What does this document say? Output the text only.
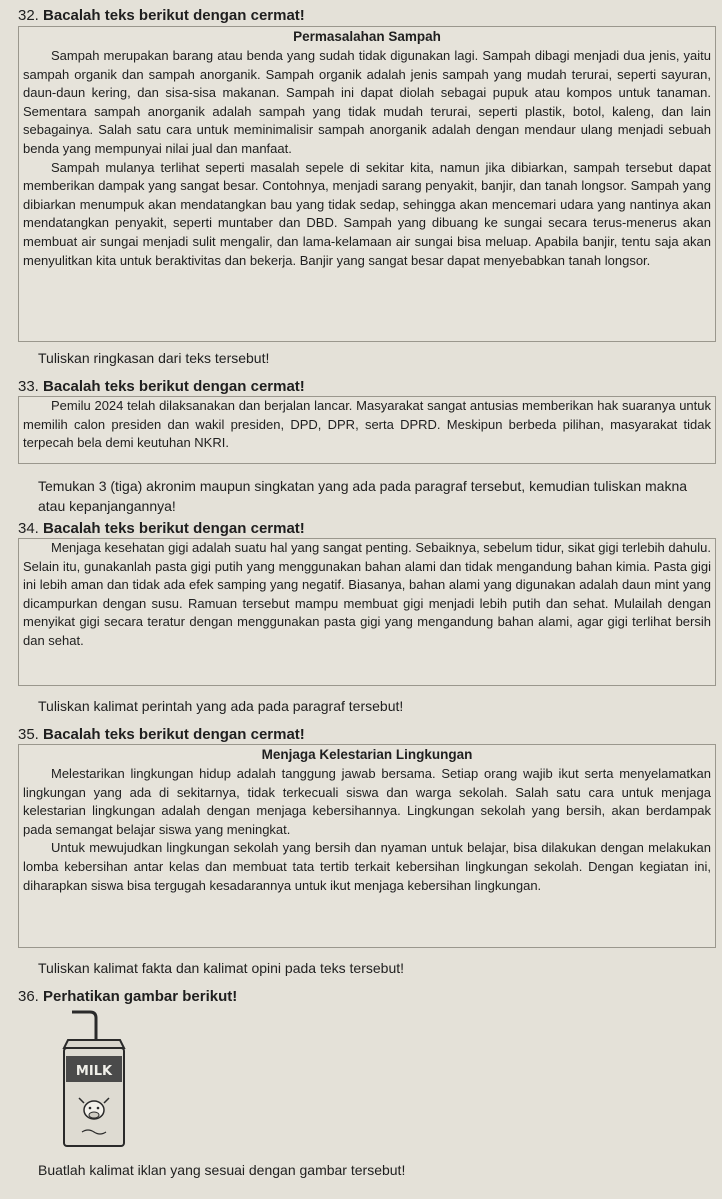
32. Bacalah teks berikut dengan cermat!
Permasalahan Sampah

Sampah merupakan barang atau benda yang sudah tidak digunakan lagi. Sampah dibagi menjadi dua jenis, yaitu sampah organik dan sampah anorganik. Sampah organik adalah jenis sampah yang mudah terurai, seperti sayuran, daun-daun kering, dan sisa-sisa makanan. Sampah ini dapat diolah sebagai pupuk atau kompos untuk tanaman. Sementara sampah anorganik adalah sampah yang tidak mudah terurai, seperti plastik, botol, kaleng, dan lain sebagainya. Salah satu cara untuk meminimalisir sampah anorganik adalah dengan mendaur ulang menjadi sebuah benda yang mempunyai nilai jual dan manfaat.

Sampah mulanya terlihat seperti masalah sepele di sekitar kita, namun jika dibiarkan, sampah tersebut dapat memberikan dampak yang sangat besar. Contohnya, menjadi sarang penyakit, banjir, dan tanah longsor. Sampah yang dibiarkan menumpuk akan mendatangkan bau yang tidak sedap, sehingga akan mencemari udara yang nantinya akan mendatangkan penyakit, seperti muntaber dan DBD. Sampah yang dibuang ke sungai secara terus-menerus akan membuat air sungai menjadi sulit mengalir, dan lama-kelamaan air sungai bisa meluap. Apabila banjir, tentu saja akan menyulitkan kita untuk beraktivitas dan bekerja. Banjir yang sangat besar dapat menyebabkan tanah longsor.

Tuliskan ringkasan dari teks tersebut!
33. Bacalah teks berikut dengan cermat!

Pemilu 2024 telah dilaksanakan dan berjalan lancar. Masyarakat sangat antusias memberikan hak suaranya untuk memilih calon presiden dan wakil presiden, DPD, DPR, serta DPRD. Meskipun berbeda pilihan, masyarakat tidak terpecah bela demi keutuhan NKRI.

Temukan 3 (tiga) akronim maupun singkatan yang ada pada paragraf tersebut, kemudian tuliskan makna atau kepanjangannya!
34. Bacalah teks berikut dengan cermat!

Menjaga kesehatan gigi adalah suatu hal yang sangat penting. Sebaiknya, sebelum tidur, sikat gigi terlebih dahulu. Selain itu, gunakanlah pasta gigi putih yang menggunakan bahan alami dan tidak mengandung bahan kimia. Pasta gigi ini lebih aman dan tidak ada efek samping yang negatif. Biasanya, bahan alami yang digunakan adalah daun mint yang dicampurkan dengan susu. Ramuan tersebut mampu membuat gigi menjadi lebih putih dan sehat. Mulailah dengan menyikat gigi secara teratur dengan menggunakan pasta gigi yang mengandung bahan alami, agar gigi terlihat bersih dan sehat.

Tuliskan kalimat perintah yang ada pada paragraf tersebut!
35. Bacalah teks berikut dengan cermat!
Menjaga Kelestarian Lingkungan

Melestarikan lingkungan hidup adalah tanggung jawab bersama. Setiap orang wajib ikut serta menyelamatkan lingkungan yang ada di sekitarnya, tidak terkecuali siswa dan warga sekolah. Salah satu cara untuk menjaga kelestarian lingkungan adalah dengan menjaga kebersihannya. Lingkungan sekolah yang bersih, akan berdampak pada semangat belajar siswa yang meningkat.

Untuk mewujudkan lingkungan sekolah yang bersih dan nyaman untuk belajar, bisa dilakukan dengan melakukan lomba kebersihan antar kelas dan membuat tata tertib terkait kebersihan lingkungan sekolah. Dengan kegiatan ini, diharapkan siswa bisa tergugah kesadarannya untuk ikut menjaga kebersihan lingkungan.

Tuliskan kalimat fakta dan kalimat opini pada teks tersebut!
36. Perhatikan gambar berikut!
MILK
Buatlah kalimat iklan yang sesuai dengan gambar tersebut!
